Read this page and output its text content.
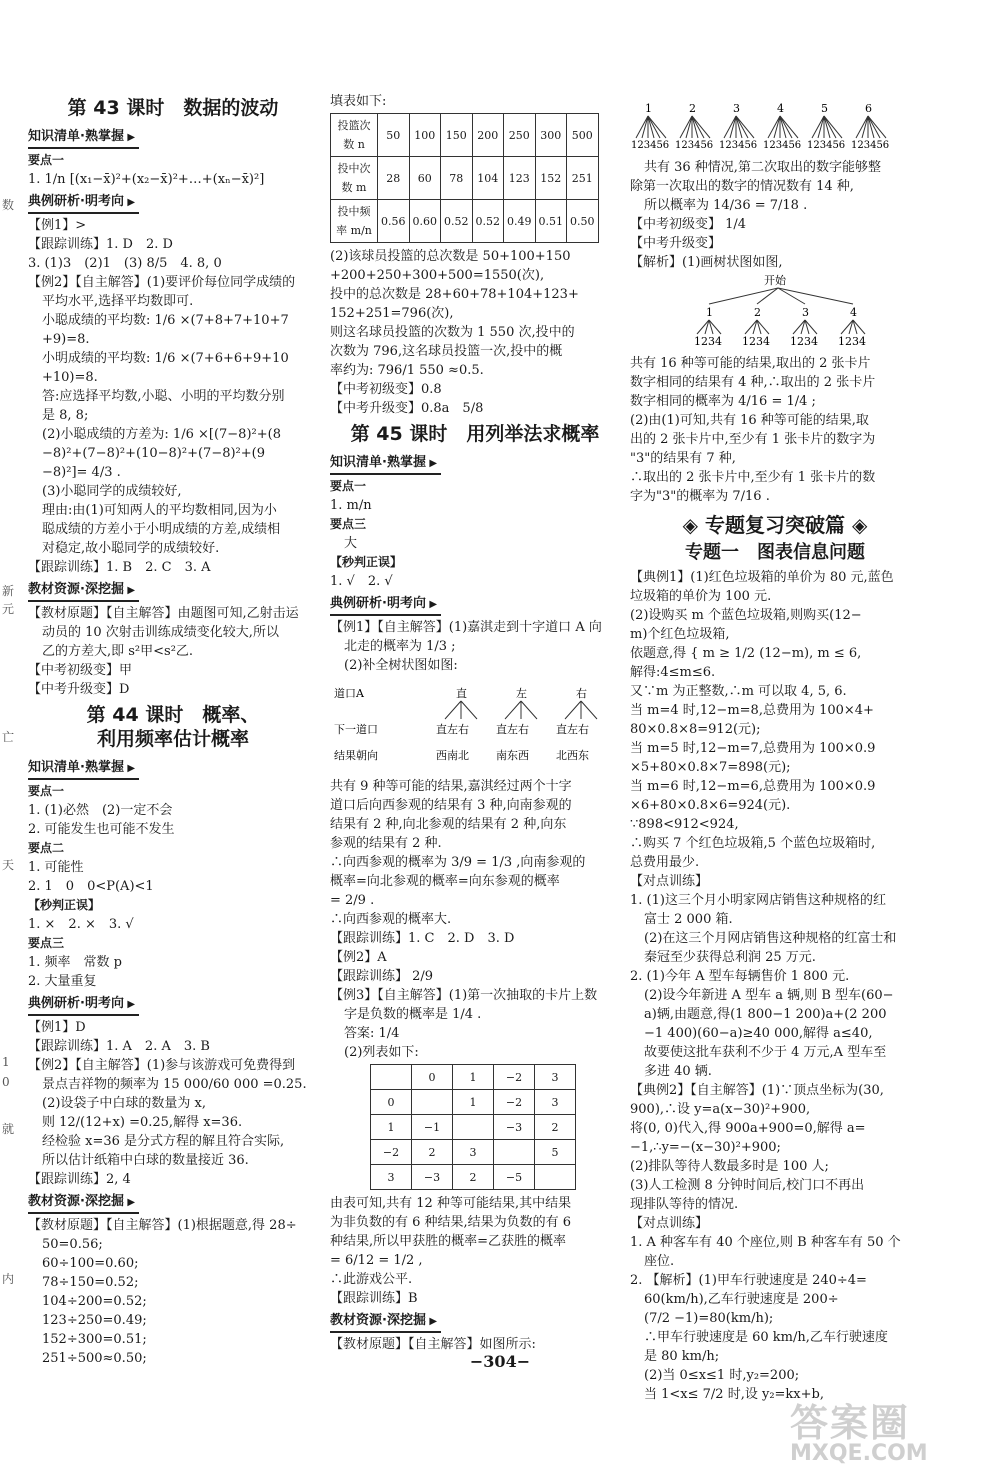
数
新
元
亡
天
1
0
就
内
第 43 课时　数据的波动
知识清单·熟掌握 ▶
要点一
1. 1/n [(x₁−x̄)²+(x₂−x̄)²+…+(xₙ−x̄)²]
典例研析·明考向 ▶
【例1】>
【跟踪训练】1. D　2. D
3. (1)3　(2)1　(3) 8/5　4. 8, 0
【例2】【自主解答】(1)要评价每位同学成绩的
平均水平,选择平均数即可.
小聪成绩的平均数: 1/6 ×(7+8+7+10+7
+9)=8.
小明成绩的平均数: 1/6 ×(7+6+6+9+10
+10)=8.
答:应选择平均数,小聪、小明的平均数分别
是 8, 8;
(2)小聪成绩的方差为: 1/6 ×[(7−8)²+(8
−8)²+(7−8)²+(10−8)²+(7−8)²+(9
−8)²]= 4/3 .
(3)小聪同学的成绩较好,
理由:由(1)可知两人的平均数相同,因为小
聪成绩的方差小于小明成绩的方差,成绩相
对稳定,故小聪同学的成绩较好.
【跟踪训练】1. B　2. C　3. A
教材资源·深挖掘 ▶
【教材原题】【自主解答】由题图可知,乙射击运
动员的 10 次射击训练成绩变化较大,所以
乙的方差大,即 s²甲<s²乙.
【中考初级变】甲
【中考升级变】D
第 44 课时　概率、
利用频率估计概率
知识清单·熟掌握 ▶
要点一
1. (1)必然　(2)一定不会
2. 可能发生也可能不发生
要点二
1. 可能性
2. 1　0　0<P(A)<1
【秒判正误】
1. ×　2. ×　3. √
要点三
1. 频率　常数 p
2. 大量重复
典例研析·明考向 ▶
【例1】D
【跟踪训练】1. A　2. A　3. B
【例2】【自主解答】(1)参与该游戏可免费得到
景点吉祥物的频率为 15 000/60 000 =0.25.
(2)设袋子中白球的数量为 x,
则 12/(12+x) =0.25,解得 x=36.
经检验 x=36 是分式方程的解且符合实际,
所以估计纸箱中白球的数量接近 36.
【跟踪训练】2, 4
教材资源·深挖掘 ▶
【教材原题】【自主解答】(1)根据题意,得 28÷
50=0.56;
60÷100=0.60;
78÷150=0.52;
104÷200=0.52;
123÷250=0.49;
152÷300=0.51;
251÷500≈0.50;
填表如下:
投篮次数 n	50	100	150	200	250	300	500
投中次数 m	28	60	78	104	123	152	251
投中频率 m/n	0.56	0.60	0.52	0.52	0.49	0.51	0.50
(2)该球员投篮的总次数是 50+100+150
+200+250+300+500=1550(次),
投中的总次数是 28+60+78+104+123+
152+251=796(次),
则这名球员投篮的次数为 1 550 次,投中的
次数为 796,这名球员投篮一次,投中的概
率约为: 796/1 550 ≈0.5.
【中考初级变】0.8
【中考升级变】0.8a　5/8
第 45 课时　用列举法求概率
知识清单·熟掌握 ▶
要点一
1. m/n
要点三
大
【秒判正误】
1. √　2. √
典例研析·明考向 ▶
【例1】【自主解答】(1)嘉淇走到十字道口 A 向
北走的概率为 1/3 ;
(2)补全树状图如图:
道口A	直	左	右
下一道口	直左右 直左右 直左右
结果朝向	西南北 南东西 北西东
共有 9 种等可能的结果,嘉淇经过两个十字
道口后向西参观的结果有 3 种,向南参观的
结果有 2 种,向北参观的结果有 2 种,向东
参观的结果有 2 种.
∴向西参观的概率为 3/9 = 1/3 ,向南参观的
概率=向北参观的概率=向东参观的概率
= 2/9 .
∴向西参观的概率大.
【跟踪训练】1. C　2. D　3. D
【例2】A
【跟踪训练】 2/9
【例3】【自主解答】(1)第一次抽取的卡片上数
字是负数的概率是 1/4 .
答案: 1/4
(2)列表如下:
	0	1	−2	3
0		1	−2	3
1	−1		−3	2
−2	2	3		5
3	−3	2	−5	
由表可知,共有 12 种等可能结果,其中结果
为非负数的有 6 种结果,结果为负数的有 6
种结果,所以甲获胜的概率=乙获胜的概率
= 6/12 = 1/2 ,
∴此游戏公平.
【跟踪训练】B
教材资源·深挖掘 ▶
【教材原题】【自主解答】如图所示:
1
123456
2
123456
3
123456
4
123456
5
123456
6
123456
共有 36 种情况,第二次取出的数字能够整
除第一次取出的数字的情况数有 14 种,
所以概率为 14/36 = 7/18 .
【中考初级变】 1/4
【中考升级变】
【解析】(1)画树状图如图,
开始
1
1234
2
1234
3
1234
4
1234
共有 16 种等可能的结果,取出的 2 张卡片
数字相同的结果有 4 种,∴取出的 2 张卡片
数字相同的概率为 4/16 = 1/4 ;
(2)由(1)可知,共有 16 种等可能的结果,取
出的 2 张卡片中,至少有 1 张卡片的数字为
"3"的结果有 7 种,
∴取出的 2 张卡片中,至少有 1 张卡片的数
字为"3"的概率为 7/16 .
◈ 专题复习突破篇 ◈
专题一　图表信息问题
【典例1】(1)红色垃圾箱的单价为 80 元,蓝色
垃圾箱的单价为 100 元.
(2)设购买 m 个蓝色垃圾箱,则购买(12−
m)个红色垃圾箱,
依题意,得 { m ≥ 1/2 (12−m), m ≤ 6,
解得:4≤m≤6.
又∵m 为正整数,∴m 可以取 4, 5, 6.
当 m=4 时,12−m=8,总费用为 100×4+
80×0.8×8=912(元);
当 m=5 时,12−m=7,总费用为 100×0.9
×5+80×0.8×7=898(元);
当 m=6 时,12−m=6,总费用为 100×0.9
×6+80×0.8×6=924(元).
∵898<912<924,
∴购买 7 个红色垃圾箱,5 个蓝色垃圾箱时,
总费用最少.
【对点训练】
1. (1)这三个月小明家网店销售这种规格的红
富士 2 000 箱.
(2)在这三个月网店销售这种规格的红富士和
秦冠至少获得总利润 25 万元.
2. (1)今年 A 型车每辆售价 1 800 元.
(2)设今年新进 A 型车 a 辆,则 B 型车(60−
a)辆,由题意,得(1 800−1 200)a+(2 200
−1 400)(60−a)≥40 000,解得 a≤40,
故要使这批车获利不少于 4 万元,A 型车至
多进 40 辆.
【典例2】【自主解答】(1)∵顶点坐标为(30,
900),∴设 y=a(x−30)²+900,
将(0, 0)代入,得 900a+900=0,解得 a=
−1,∴y=−(x−30)²+900;
(2)排队等待人数最多时是 100 人;
(3)人工检测 8 分钟时间后,校门口不再出
现排队等待的情况.
【对点训练】
1. A 种客车有 40 个座位,则 B 种客车有 50 个
座位.
2. 【解析】(1)甲车行驶速度是 240÷4=
60(km/h),乙车行驶速度是 200÷
(7/2 −1)=80(km/h);
∴甲车行驶速度是 60 km/h,乙车行驶速度
是 80 km/h;
(2)当 0≤x≤1 时,y₂=200;
当 1<x≤ 7/2 时,设 y₂=kx+b,
−304−
答案圈
MXQE.COM
